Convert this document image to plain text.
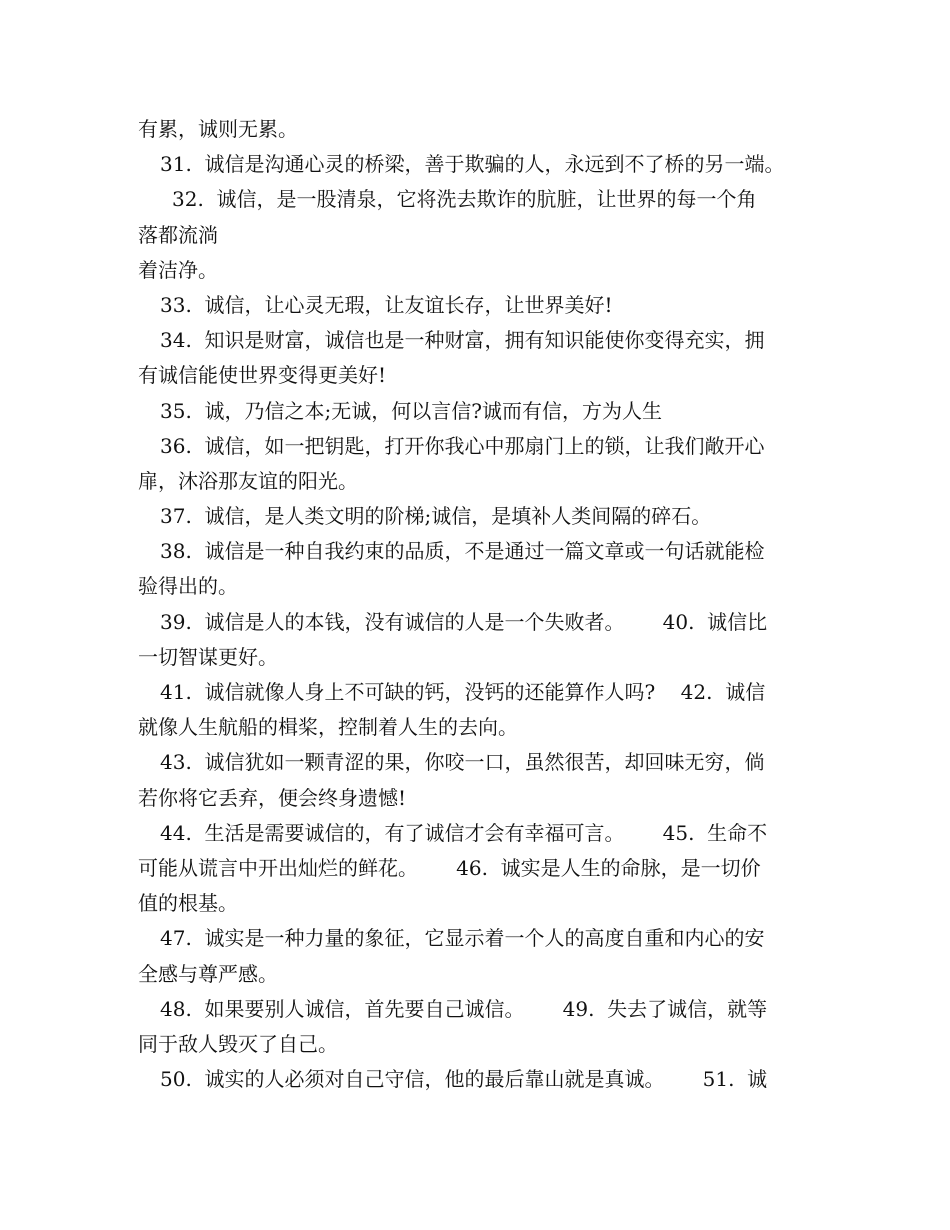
有累，诚则无累。
31.  诚信是沟通心灵的桥梁，善于欺骗的人，永远到不了桥的另一端。
32.  诚信，是一股清泉，它将洗去欺诈的肮脏，让世界的每一个角
落都流淌
着洁净。
33.  诚信，让心灵无瑕，让友谊长存，让世界美好!
34.  知识是财富，诚信也是一种财富，拥有知识能使你变得充实，拥
有诚信能使世界变得更美好!
35.  诚，乃信之本;无诚，何以言信?诚而有信，方为人生
36.  诚信，如一把钥匙，打开你我心中那扇门上的锁，让我们敞开心
扉，沐浴那友谊的阳光。
37.  诚信，是人类文明的阶梯;诚信，是填补人类间隔的碎石。
38.  诚信是一种自我约束的品质，不是通过一篇文章或一句话就能检
验得出的。
39.  诚信是人的本钱，没有诚信的人是一个失败者。      40.  诚信比
一切智谋更好。
41.  诚信就像人身上不可缺的钙，没钙的还能算作人吗?    42.  诚信
就像人生航船的楫桨，控制着人生的去向。
43.  诚信犹如一颗青涩的果，你咬一口，虽然很苦，却回味无穷，倘
若你将它丢弃，便会终身遗憾!
44.  生活是需要诚信的，有了诚信才会有幸福可言。      45.  生命不
可能从谎言中开出灿烂的鲜花。      46.  诚实是人生的命脉，是一切价
值的根基。
47.  诚实是一种力量的象征，它显示着一个人的高度自重和内心的安
全感与尊严感。
48.  如果要别人诚信，首先要自己诚信。      49.  失去了诚信，就等
同于敌人毁灭了自己。
50.  诚实的人必须对自己守信，他的最后靠山就是真诚。      51.  诚
